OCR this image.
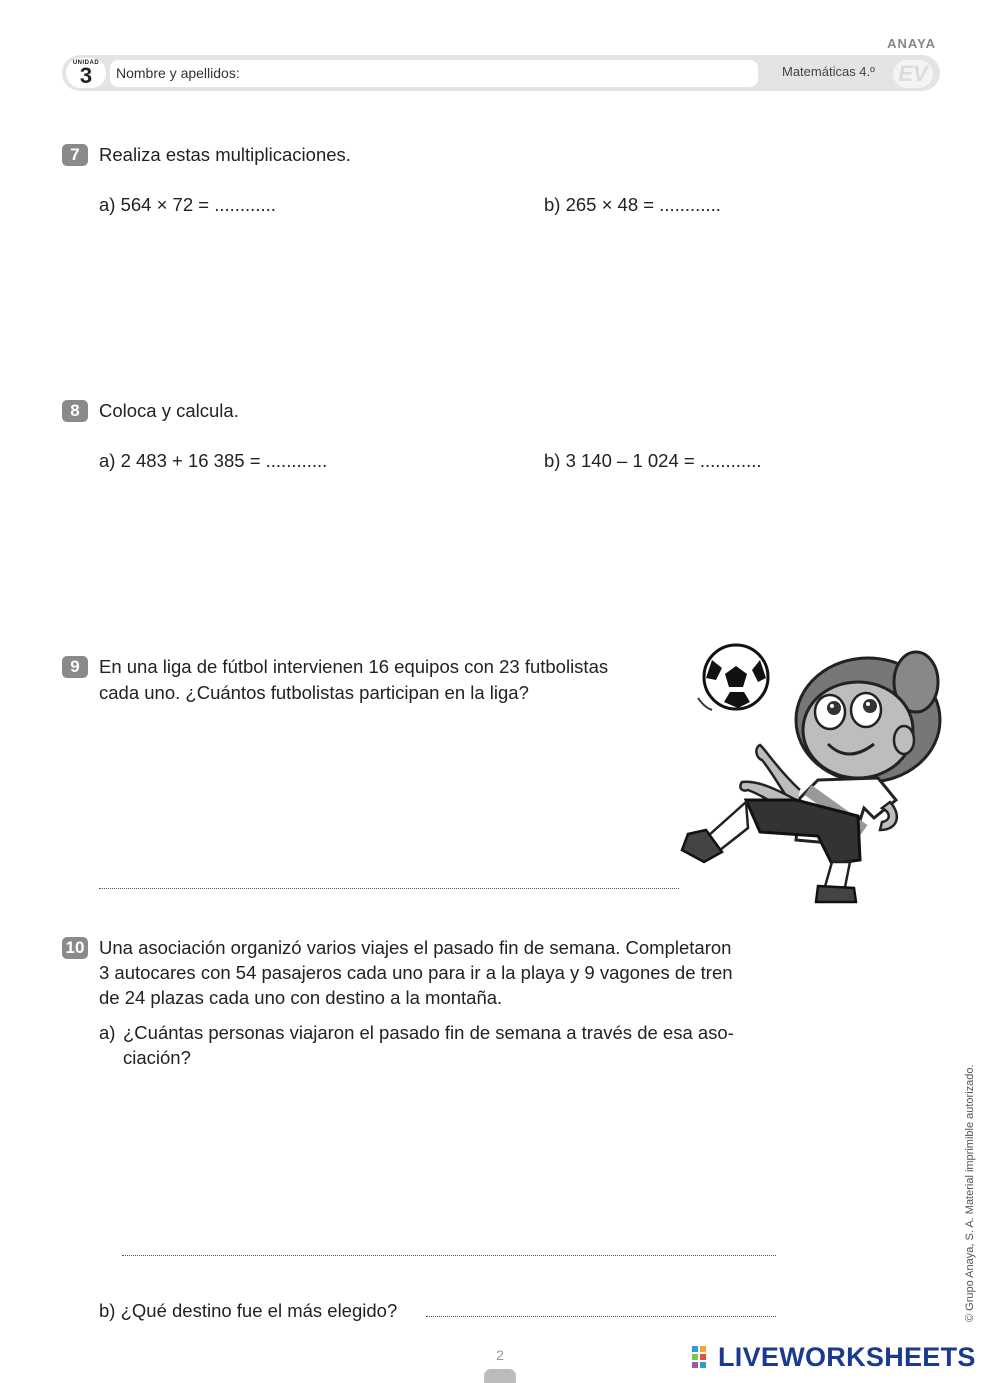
ANAYA
UNIDAD
3	Nombre y apellidos:	Matemáticas 4.º EV
7	Realiza estas multiplicaciones.
a) 564 × 72 = ............	b) 265 × 48 = ............
8	Coloca y calcula.
a) 2 483 + 16 385 = ............	b) 3 140 – 1 024 = ............
9	En una liga de fútbol intervienen 16 equipos con 23 futbolistas
cada uno. ¿Cuántos futbolistas participan en la liga?
10 Una asociación organizó varios viajes el pasado fin de semana. Completaron
3 autocares con 54 pasajeros cada uno para ir a la playa y 9 vagones de tren
de 24 plazas cada uno con destino a la montaña.
a) ¿Cuántas personas viajaron el pasado fin de semana a través de esa aso-
ciación?
b) ¿Qué destino fue el más elegido?	© Grupo Anaya, S. A. Material imprimible autorizado.
2	LIVEWORKSHEETS
